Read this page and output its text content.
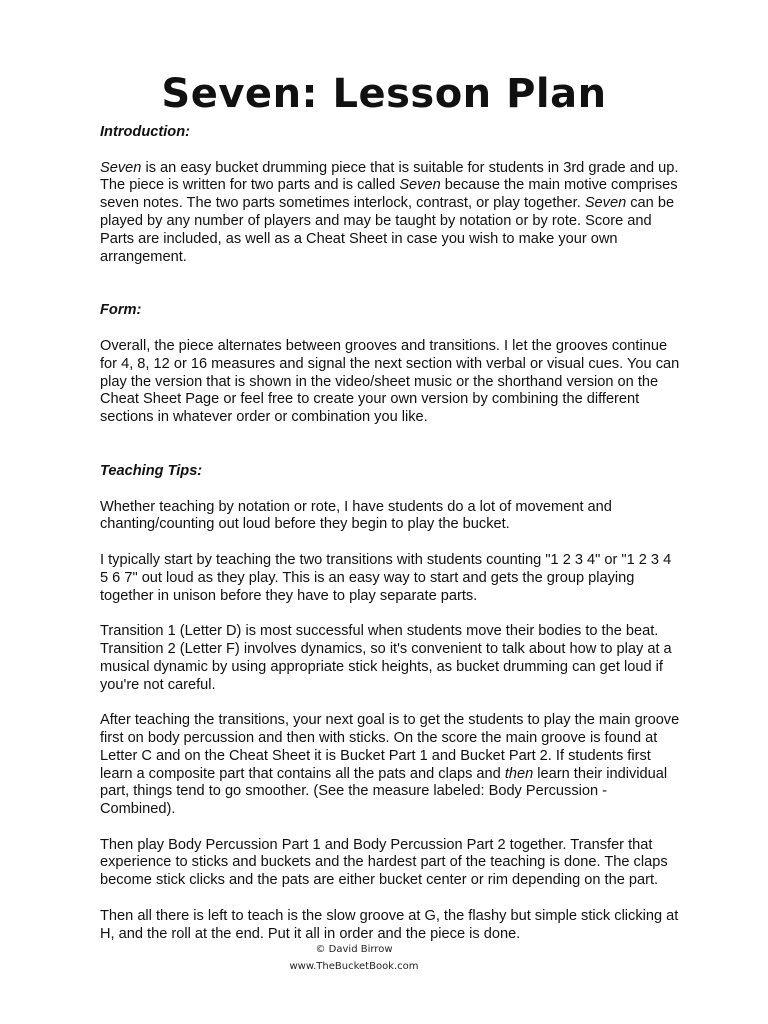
Seven: Lesson Plan

Introduction:

Seven is an easy bucket drumming piece that is suitable for students in 3rd grade and up. The piece is written for two parts and is called Seven because the main motive comprises seven notes. The two parts sometimes interlock, contrast, or play together. Seven can be played by any number of players and may be taught by notation or by rote. Score and Parts are included, as well as a Cheat Sheet in case you wish to make your own arrangement.

Form:

Overall, the piece alternates between grooves and transitions. I let the grooves continue for 4, 8, 12 or 16 measures and signal the next section with verbal or visual cues. You can play the version that is shown in the video/sheet music or the shorthand version on the Cheat Sheet Page or feel free to create your own version by combining the different sections in whatever order or combination you like.

Teaching Tips:

Whether teaching by notation or rote, I have students do a lot of movement and chanting/counting out loud before they begin to play the bucket.

I typically start by teaching the two transitions with students counting "1 2 3 4" or "1 2 3 4 5 6 7" out loud as they play. This is an easy way to start and gets the group playing together in unison before they have to play separate parts.

Transition 1 (Letter D) is most successful when students move their bodies to the beat. Transition 2 (Letter F) involves dynamics, so it's convenient to talk about how to play at a musical dynamic by using appropriate stick heights, as bucket drumming can get loud if you're not careful.

After teaching the transitions, your next goal is to get the students to play the main groove first on body percussion and then with sticks. On the score the main groove is found at Letter C and on the Cheat Sheet it is Bucket Part 1 and Bucket Part 2. If students first learn a composite part that contains all the pats and claps and then learn their individual part, things tend to go smoother. (See the measure labeled: Body Percussion - Combined).

Then play Body Percussion Part 1 and Body Percussion Part 2 together. Transfer that experience to sticks and buckets and the hardest part of the teaching is done. The claps become stick clicks and the pats are either bucket center or rim depending on the part.

Then all there is left to teach is the slow groove at G, the flashy but simple stick clicking at H, and the roll at the end. Put it all in order and the piece is done.

© David Birrow
www.TheBucketBook.com
